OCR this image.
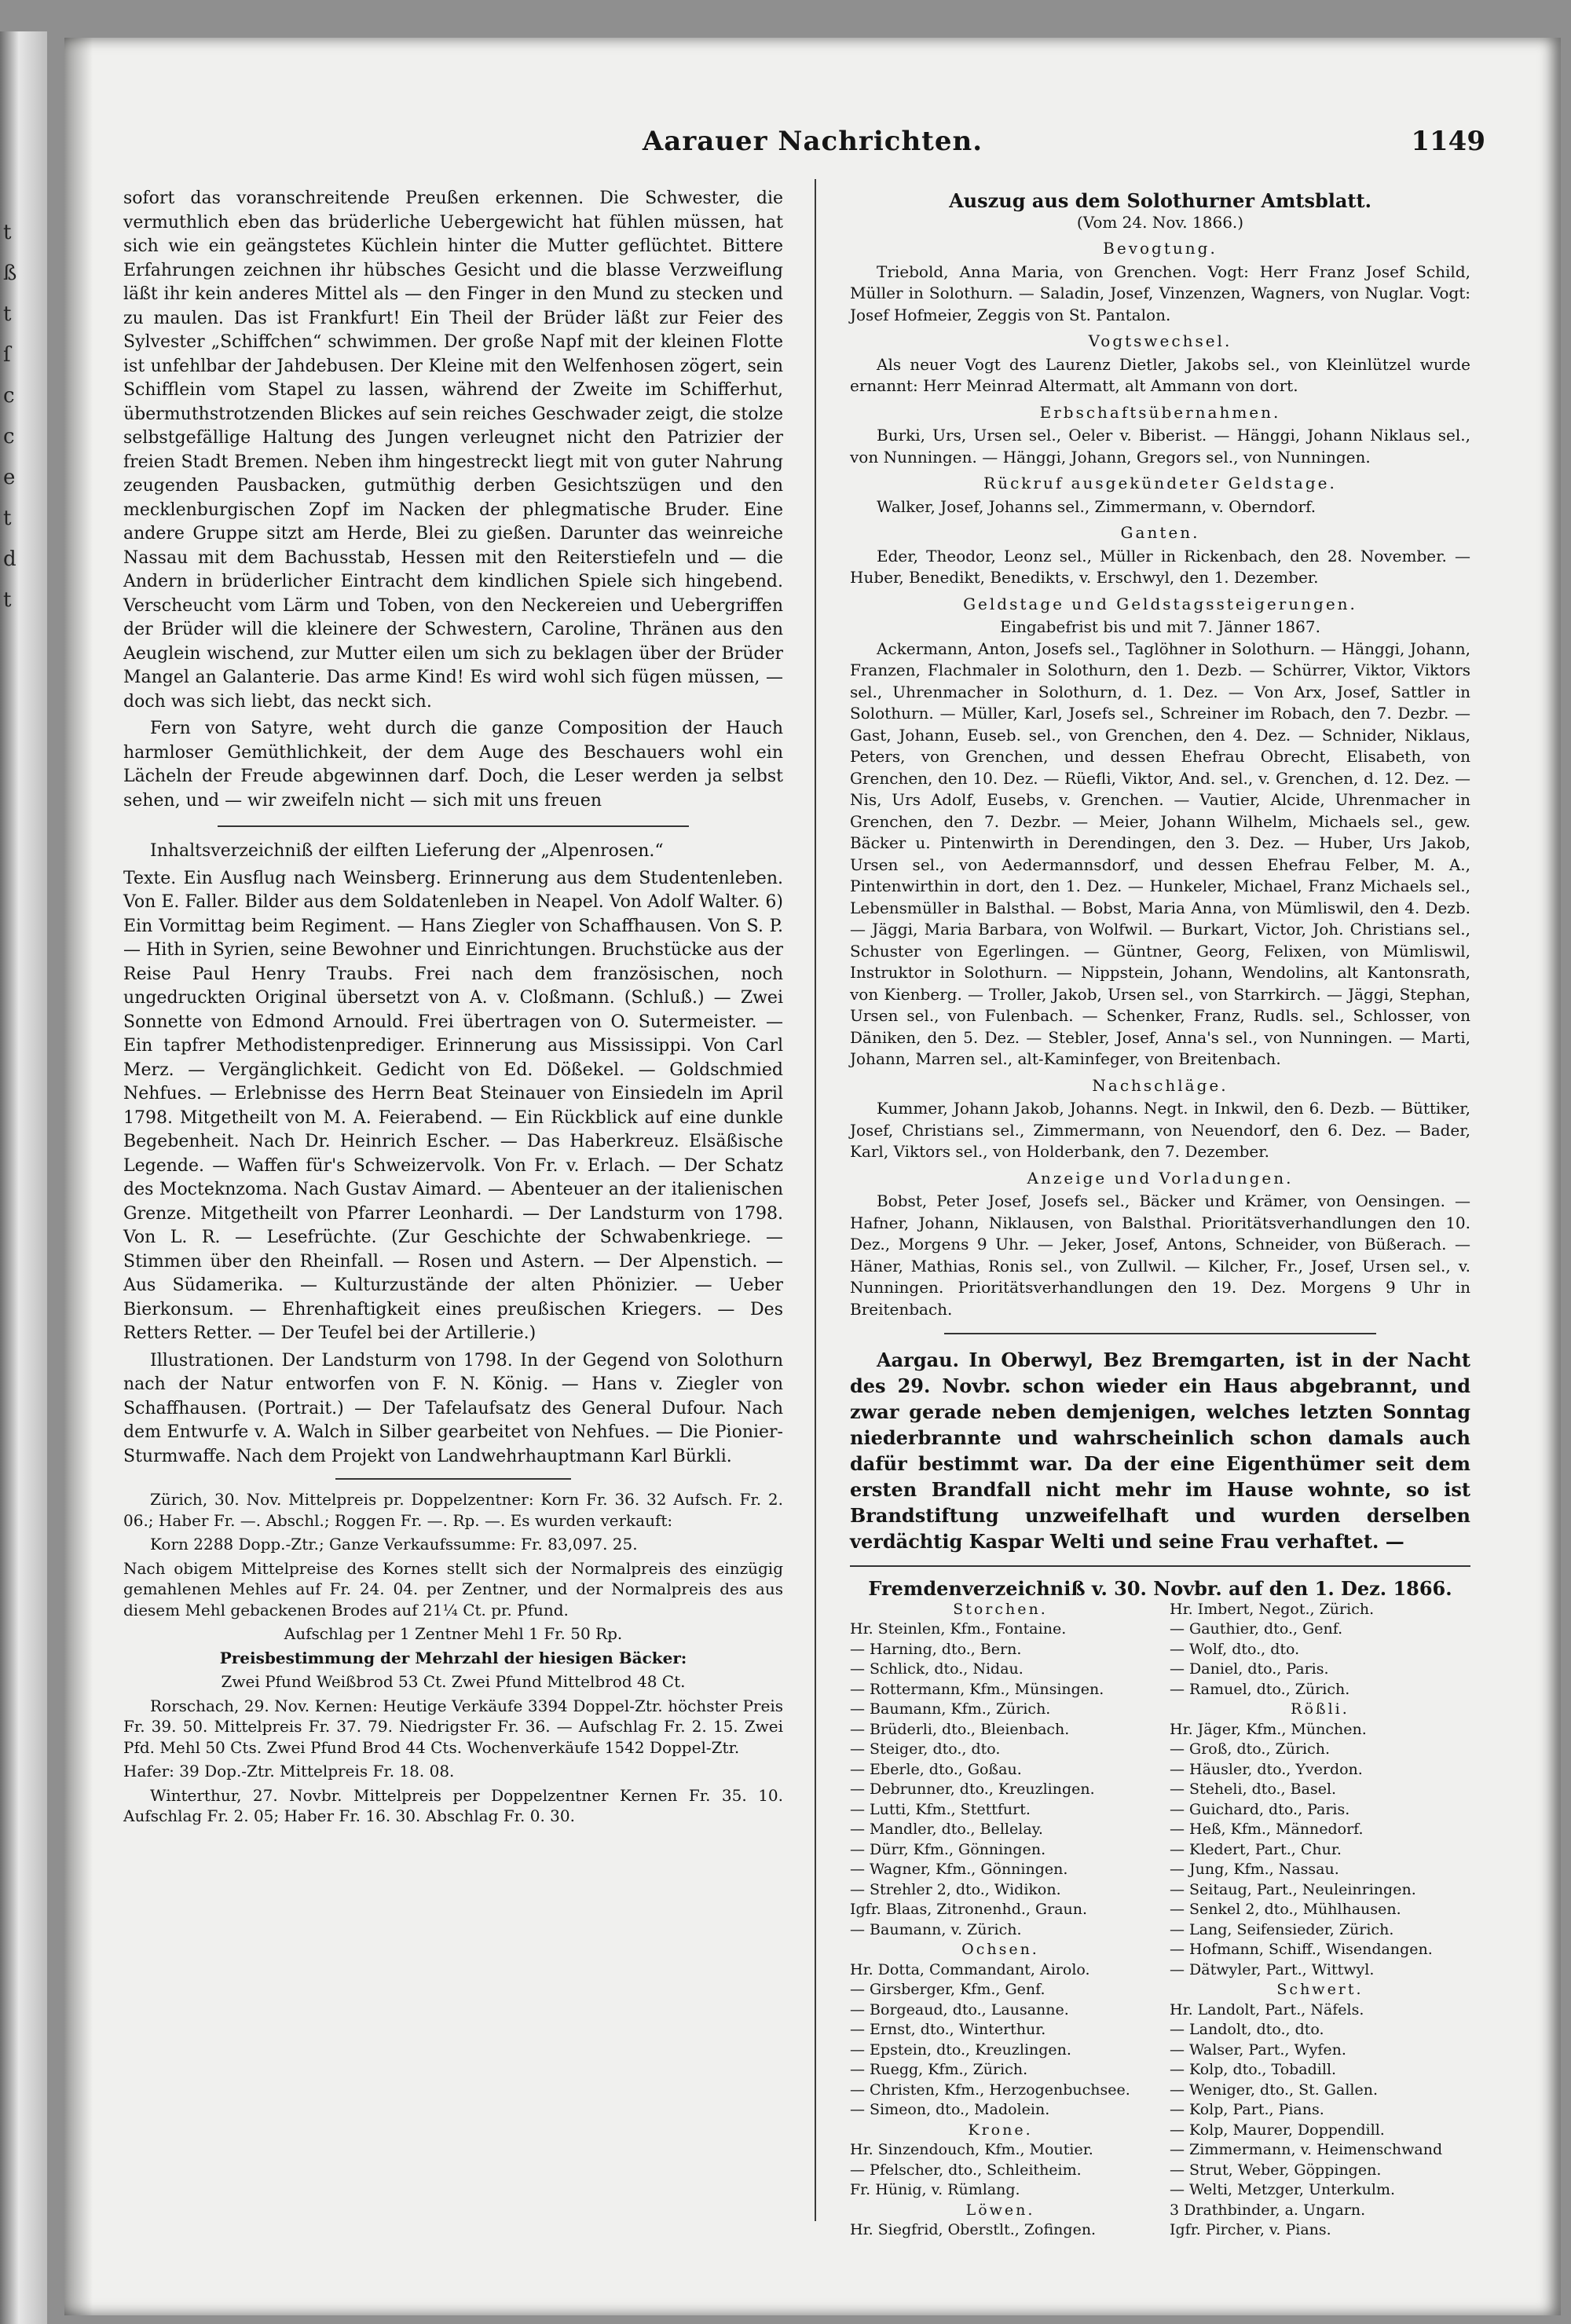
t
ß
t
ſ
c
c
e
t
d
t
Aarauer Nachrichten.	1149

sofort das voranschreitende Preußen erkennen. Die Schwester, die vermuthlich eben das brüderliche Uebergewicht hat fühlen müssen, hat sich wie ein geängstetes Küchlein hinter die Mutter geflüchtet. Bittere Erfahrungen zeichnen ihr hübsches Gesicht und die blasse Verzweiflung läßt ihr kein anderes Mittel als — den Finger in den Mund zu stecken und zu maulen. Das ist Frankfurt! Ein Theil der Brüder läßt zur Feier des Sylvester „Schiffchen“ schwimmen. Der große Napf mit der kleinen Flotte ist unfehlbar der Jahdebusen. Der Kleine mit den Welfenhosen zögert, sein Schifflein vom Stapel zu lassen, während der Zweite im Schifferhut, übermuthstrotzenden Blickes auf sein reiches Geschwader zeigt, die stolze selbstgefällige Haltung des Jungen verleugnet nicht den Patrizier der freien Stadt Bremen. Neben ihm hingestreckt liegt mit von guter Nahrung zeugenden Pausbacken, gutmüthig derben Gesichtszügen und den mecklenburgischen Zopf im Nacken der phlegmatische Bruder. Eine andere Gruppe sitzt am Herde, Blei zu gießen. Darunter das weinreiche Nassau mit dem Bachusstab, Hessen mit den Reiterstiefeln und — die Andern in brüderlicher Eintracht dem kindlichen Spiele sich hingebend. Verscheucht vom Lärm und Toben, von den Neckereien und Uebergriffen der Brüder will die kleinere der Schwestern, Caroline, Thränen aus den Aeuglein wischend, zur Mutter eilen um sich zu beklagen über der Brüder Mangel an Galanterie. Das arme Kind! Es wird wohl sich fügen müssen, — doch was sich liebt, das neckt sich.

Fern von Satyre, weht durch die ganze Composition der Hauch harmloser Gemüthlichkeit, der dem Auge des Beschauers wohl ein Lächeln der Freude abgewinnen darf. Doch, die Leser werden ja selbst sehen, und — wir zweifeln nicht — sich mit uns freuen

Inhaltsverzeichniß der eilften Lieferung der „Alpenrosen.“

Texte. Ein Ausflug nach Weinsberg. Erinnerung aus dem Studentenleben. Von E. Faller. Bilder aus dem Soldatenleben in Neapel. Von Adolf Walter. 6) Ein Vormittag beim Regiment. — Hans Ziegler von Schaffhausen. Von S. P. — Hith in Syrien, seine Bewohner und Einrichtungen. Bruchstücke aus der Reise Paul Henry Traubs. Frei nach dem französischen, noch ungedruckten Original übersetzt von A. v. Cloßmann. (Schluß.) — Zwei Sonnette von Edmond Arnould. Frei übertragen von O. Sutermeister. — Ein tapfrer Methodistenprediger. Erinnerung aus Mississippi. Von Carl Merz. — Vergänglichkeit. Gedicht von Ed. Dößekel. — Goldschmied Nehfues. — Erlebnisse des Herrn Beat Steinauer von Einsiedeln im April 1798. Mitgetheilt von M. A. Feierabend. — Ein Rückblick auf eine dunkle Begebenheit. Nach Dr. Heinrich Escher. — Das Haberkreuz. Elsäßische Legende. — Waffen für's Schweizervolk. Von Fr. v. Erlach. — Der Schatz des Mocteknzoma. Nach Gustav Aimard. — Abenteuer an der italienischen Grenze. Mitgetheilt von Pfarrer Leonhardi. — Der Landsturm von 1798. Von L. R. — Lesefrüchte. (Zur Geschichte der Schwabenkriege. — Stimmen über den Rheinfall. — Rosen und Astern. — Der Alpenstich. — Aus Südamerika. — Kulturzustände der alten Phönizier. — Ueber Bierkonsum. — Ehrenhaftigkeit eines preußischen Kriegers. — Des Retters Retter. — Der Teufel bei der Artillerie.)

Illustrationen. Der Landsturm von 1798. In der Gegend von Solothurn nach der Natur entworfen von F. N. König. — Hans v. Ziegler von Schaffhausen. (Portrait.) — Der Tafelaufsatz des General Dufour. Nach dem Entwurfe v. A. Walch in Silber gearbeitet von Nehfues. — Die Pionier-Sturmwaffe. Nach dem Projekt von Landwehrhauptmann Karl Bürkli.

Zürich, 30. Nov. Mittelpreis pr. Doppelzentner: Korn Fr. 36. 32 Aufsch. Fr. 2. 06.; Haber Fr. —. Abschl.; Roggen Fr. —. Rp. —. Es wurden verkauft:

Korn 2288 Dopp.-Ztr.; Ganze Verkaufssumme: Fr. 83,097. 25.

Nach obigem Mittelpreise des Kornes stellt sich der Normalpreis des einzügig gemahlenen Mehles auf Fr. 24. 04. per Zentner, und der Normalpreis des aus diesem Mehl gebackenen Brodes auf 21¼ Ct. pr. Pfund.

Aufschlag per 1 Zentner Mehl 1 Fr. 50 Rp.

Preisbestimmung der Mehrzahl der hiesigen Bäcker:

Zwei Pfund Weißbrod 53 Ct. Zwei Pfund Mittelbrod 48 Ct.

Rorschach, 29. Nov. Kernen: Heutige Verkäufe 3394 Doppel-Ztr. höchster Preis Fr. 39. 50. Mittelpreis Fr. 37. 79. Niedrigster Fr. 36. — Aufschlag Fr. 2. 15. Zwei Pfd. Mehl 50 Cts. Zwei Pfund Brod 44 Cts. Wochenverkäufe 1542 Doppel-Ztr.

Hafer: 39 Dop.-Ztr. Mittelpreis Fr. 18. 08.

Winterthur, 27. Novbr. Mittelpreis per Doppelzentner Kernen Fr. 35. 10. Aufschlag Fr. 2. 05; Haber Fr. 16. 30. Abschlag Fr. 0. 30.

Auszug aus dem Solothurner Amtsblatt.
(Vom 24. Nov. 1866.)
Bevogtung.

Triebold, Anna Maria, von Grenchen. Vogt: Herr Franz Josef Schild, Müller in Solothurn. — Saladin, Josef, Vinzenzen, Wagners, von Nuglar. Vogt: Josef Hofmeier, Zeggis von St. Pantalon.

Vogtswechsel.

Als neuer Vogt des Laurenz Dietler, Jakobs sel., von Kleinlützel wurde ernannt: Herr Meinrad Altermatt, alt Ammann von dort.

Erbschaftsübernahmen.

Burki, Urs, Ursen sel., Oeler v. Biberist. — Hänggi, Johann Niklaus sel., von Nunningen. — Hänggi, Johann, Gregors sel., von Nunningen.

Rückruf ausgekündeter Geldstage.

Walker, Josef, Johanns sel., Zimmermann, v. Oberndorf.

Ganten.

Eder, Theodor, Leonz sel., Müller in Rickenbach, den 28. November. — Huber, Benedikt, Benedikts, v. Erschwyl, den 1. Dezember.

Geldstage und Geldstagssteigerungen.
Eingabefrist bis und mit 7. Jänner 1867.

Ackermann, Anton, Josefs sel., Taglöhner in Solothurn. — Hänggi, Johann, Franzen, Flachmaler in Solothurn, den 1. Dezb. — Schürrer, Viktor, Viktors sel., Uhrenmacher in Solothurn, d. 1. Dez. — Von Arx, Josef, Sattler in Solothurn. — Müller, Karl, Josefs sel., Schreiner im Robach, den 7. Dezbr. — Gast, Johann, Euseb. sel., von Grenchen, den 4. Dez. — Schnider, Niklaus, Peters, von Grenchen, und dessen Ehefrau Obrecht, Elisabeth, von Grenchen, den 10. Dez. — Rüefli, Viktor, And. sel., v. Grenchen, d. 12. Dez. — Nis, Urs Adolf, Eusebs, v. Grenchen. — Vautier, Alcide, Uhrenmacher in Grenchen, den 7. Dezbr. — Meier, Johann Wilhelm, Michaels sel., gew. Bäcker u. Pintenwirth in Derendingen, den 3. Dez. — Huber, Urs Jakob, Ursen sel., von Aedermannsdorf, und dessen Ehefrau Felber, M. A., Pintenwirthin in dort, den 1. Dez. — Hunkeler, Michael, Franz Michaels sel., Lebensmüller in Balsthal. — Bobst, Maria Anna, von Mümliswil, den 4. Dezb. — Jäggi, Maria Barbara, von Wolfwil. — Burkart, Victor, Joh. Christians sel., Schuster von Egerlingen. — Güntner, Georg, Felixen, von Mümliswil, Instruktor in Solothurn. — Nippstein, Johann, Wendolins, alt Kantonsrath, von Kienberg. — Troller, Jakob, Ursen sel., von Starrkirch. — Jäggi, Stephan, Ursen sel., von Fulenbach. — Schenker, Franz, Rudls. sel., Schlosser, von Däniken, den 5. Dez. — Stebler, Josef, Anna's sel., von Nunningen. — Marti, Johann, Marren sel., alt-Kaminfeger, von Breitenbach.

Nachschläge.

Kummer, Johann Jakob, Johanns. Negt. in Inkwil, den 6. Dezb. — Büttiker, Josef, Christians sel., Zimmermann, von Neuendorf, den 6. Dez. — Bader, Karl, Viktors sel., von Holderbank, den 7. Dezember.

Anzeige und Vorladungen.

Bobst, Peter Josef, Josefs sel., Bäcker und Krämer, von Oensingen. — Hafner, Johann, Niklausen, von Balsthal. Prioritätsverhandlungen den 10. Dez., Morgens 9 Uhr. — Jeker, Josef, Antons, Schneider, von Büßerach. — Häner, Mathias, Ronis sel., von Zullwil. — Kilcher, Fr., Josef, Ursen sel., v. Nunningen. Prioritätsverhandlungen den 19. Dez. Morgens 9 Uhr in Breitenbach.

Aargau. In Oberwyl, Bez Bremgarten, ist in der Nacht des 29. Novbr. schon wieder ein Haus abgebrannt, und zwar gerade neben demjenigen, welches letzten Sonntag niederbrannte und wahrscheinlich schon damals auch dafür bestimmt war. Da der eine Eigenthümer seit dem ersten Brandfall nicht mehr im Hause wohnte, so ist Brandstiftung unzweifelhaft und wurden derselben verdächtig Kaspar Welti und seine Frau verhaftet. —

Fremdenverzeichniß v. 30. Novbr. auf den 1. Dez. 1866.
Storchen.
Hr. Steinlen, Kfm., Fontaine.
— Harning, dto., Bern.
— Schlick, dto., Nidau.
— Rottermann, Kfm., Münsingen.
— Baumann, Kfm., Zürich.
— Brüderli, dto., Bleienbach.
— Steiger, dto., dto.
— Eberle, dto., Goßau.
— Debrunner, dto., Kreuzlingen.
— Lutti, Kfm., Stettfurt.
— Mandler, dto., Bellelay.
— Dürr, Kfm., Gönningen.
— Wagner, Kfm., Gönningen.
— Strehler 2, dto., Widikon.
Igfr. Blaas, Zitronenhd., Graun.
— Baumann, v. Zürich.
Ochsen.
Hr. Dotta, Commandant, Airolo.
— Girsberger, Kfm., Genf.
— Borgeaud, dto., Lausanne.
— Ernst, dto., Winterthur.
— Epstein, dto., Kreuzlingen.
— Ruegg, Kfm., Zürich.
— Christen, Kfm., Herzogenbuchsee.
— Simeon, dto., Madolein.
Krone.
Hr. Sinzendouch, Kfm., Moutier.
— Pfelscher, dto., Schleitheim.
Fr. Hünig, v. Rümlang.
Löwen.
Hr. Siegfrid, Oberstlt., Zofingen.
Hr. Imbert, Negot., Zürich.
— Gauthier, dto., Genf.
— Wolf, dto., dto.
— Daniel, dto., Paris.
— Ramuel, dto., Zürich.
Rößli.
Hr. Jäger, Kfm., München.
— Groß, dto., Zürich.
— Häusler, dto., Yverdon.
— Steheli, dto., Basel.
— Guichard, dto., Paris.
— Heß, Kfm., Männedorf.
— Kledert, Part., Chur.
— Jung, Kfm., Nassau.
— Seitaug, Part., Neuleinringen.
— Senkel 2, dto., Mühlhausen.
— Lang, Seifensieder, Zürich.
— Hofmann, Schiff., Wisendangen.
— Dätwyler, Part., Wittwyl.
Schwert.
Hr. Landolt, Part., Näfels.
— Landolt, dto., dto.
— Walser, Part., Wyfen.
— Kolp, dto., Tobadill.
— Weniger, dto., St. Gallen.
— Kolp, Part., Pians.
— Kolp, Maurer, Doppendill.
— Zimmermann, v. Heimenschwand
— Strut, Weber, Göppingen.
— Welti, Metzger, Unterkulm.
3 Drathbinder, a. Ungarn.
Igfr. Pircher, v. Pians.
